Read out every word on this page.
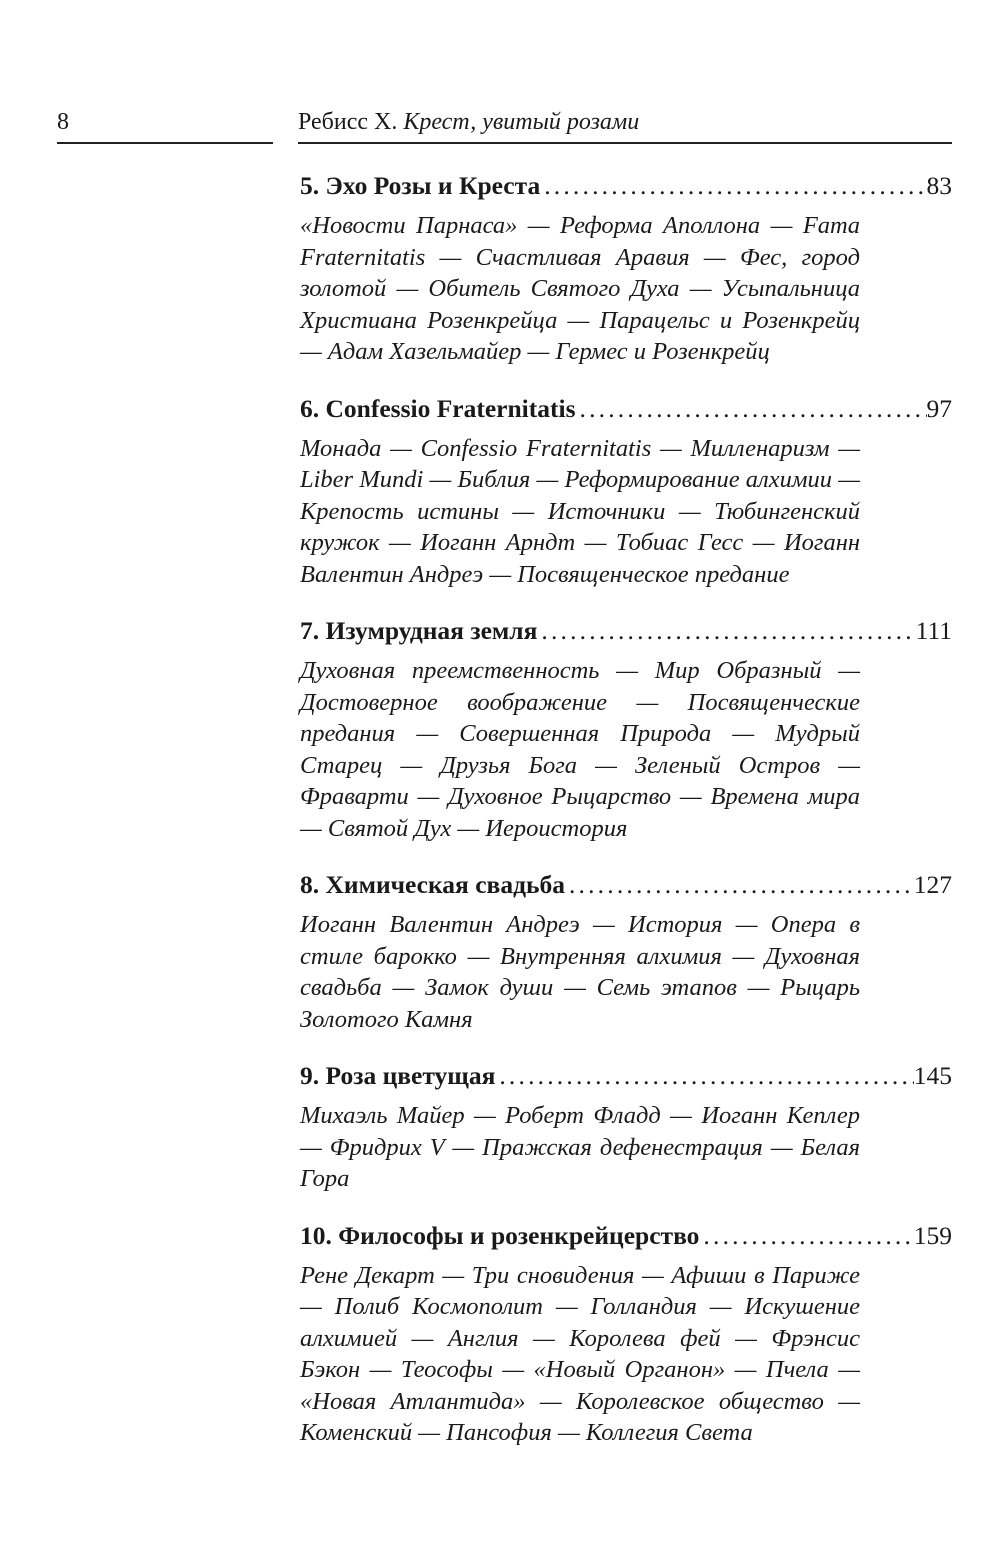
8	Ребисс Х. Крест, увитый розами
5. Эхо Розы и Креста .....	83
«Новости Парнаса» — Реформа Аполлона — Fama Fraternitatis — Счастливая Аравия — Фес, город золотой — Обитель Святого Духа — Усыпальница Христиана Розенкрейца — Парацельс и Розенкрейц — Адам Хазельмайер — Гермес и Розенкрейц
6. Confessio Fraternitatis .....	97
Монада — Confessio Fraternitatis — Милленаризм — Liber Mundi — Библия — Реформирование алхимии — Крепость истины — Источники — Тюбингенский кружок — Иоганн Арндт — Тобиас Гесс — Иоганн Валентин Андреэ — Посвященческое предание
7. Изумрудная земля .....	111
Духовная преемственность — Мир Образный — Достоверное воображение — Посвященческие предания — Совершенная Природа — Мудрый Старец — Друзья Бога — Зеленый Остров — Фраварти — Духовное Рыцарство — Времена мира — Святой Дух — Иероистория
8. Химическая свадьба .....	127
Иоганн Валентин Андреэ — История — Опера в стиле барокко — Внутренняя алхимия — Духовная свадьба — Замок души — Семь этапов — Рыцарь Золотого Камня
9. Роза цветущая .....	145
Михаэль Майер — Роберт Фладд — Иоганн Кеплер — Фридрих V — Пражская дефенестрация — Белая Гора
10. Философы и розенкрейцерство .....	159
Рене Декарт — Три сновидения — Афиши в Париже — Полиб Космополит — Голландия — Искушение алхимией — Англия — Королева фей — Фрэнсис Бэкон — Теософы — «Новый Органон» — Пчела — «Новая Атлантида» — Королевское общество — Коменский — Пансофия — Коллегия Света
